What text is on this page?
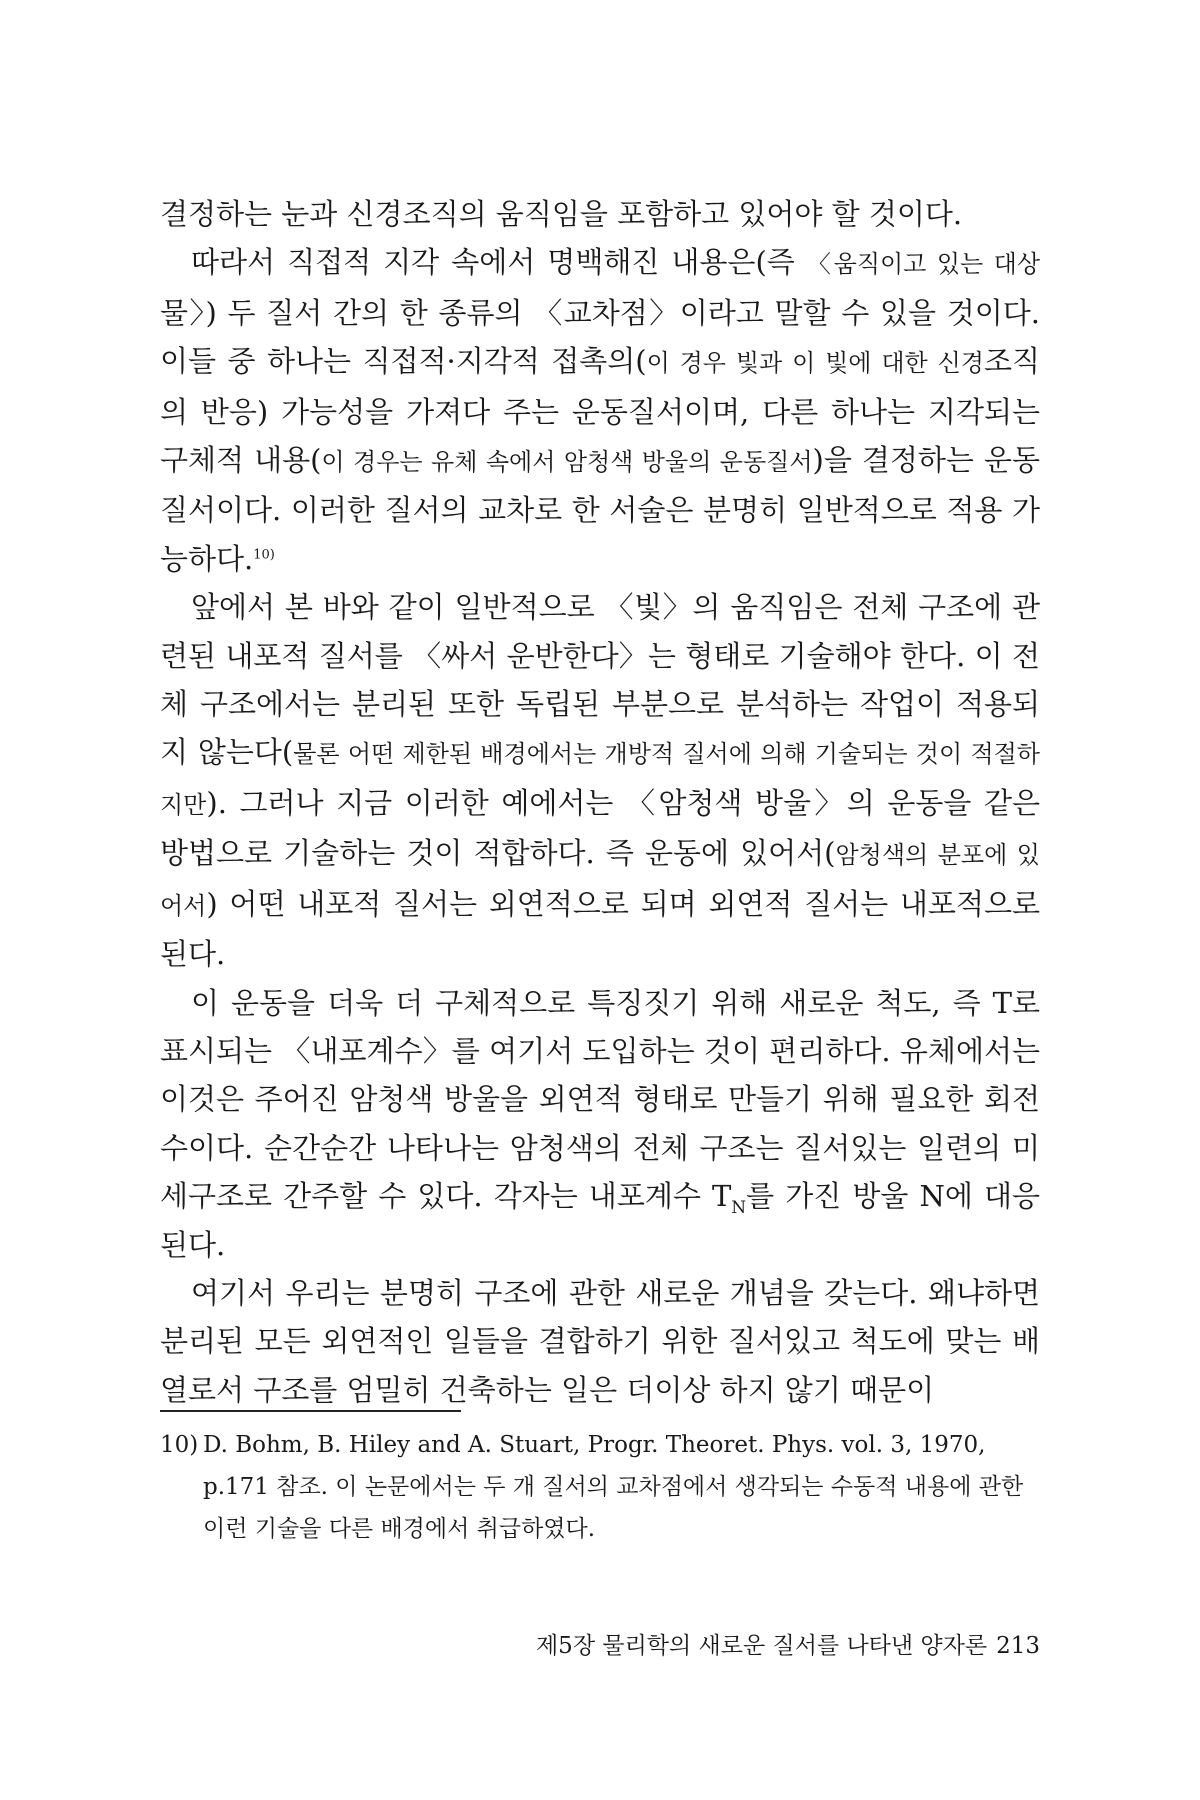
결정하는 눈과 신경조직의 움직임을 포함하고 있어야 할 것이다.

따라서 직접적 지각 속에서 명백해진 내용은(즉 〈움직이고 있는 대상물〉) 두 질서 간의 한 종류의 〈교차점〉이라고 말할 수 있을 것이다. 이들 중 하나는 직접적·지각적 접촉의(이 경우 빛과 이 빛에 대한 신경조직의 반응) 가능성을 가져다 주는 운동질서이며, 다른 하나는 지각되는 구체적 내용(이 경우는 유체 속에서 암청색 방울의 운동질서)을 결정하는 운동질서이다. 이러한 질서의 교차로 한 서술은 분명히 일반적으로 적용 가능하다.$^{10)}$

앞에서 본 바와 같이 일반적으로 〈빛〉의 움직임은 전체 구조에 관련된 내포적 질서를 〈싸서 운반한다〉는 형태로 기술해야 한다. 이 전체 구조에서는 분리된 또한 독립된 부분으로 분석하는 작업이 적용되지 않는다(물론 어떤 제한된 배경에서는 개방적 질서에 의해 기술되는 것이 적절하지만). 그러나 지금 이러한 예에서는 〈암청색 방울〉의 운동을 같은 방법으로 기술하는 것이 적합하다. 즉 운동에 있어서(암청색의 분포에 있어서) 어떤 내포적 질서는 외연적으로 되며 외연적 질서는 내포적으로 된다.

이 운동을 더욱 더 구체적으로 특징짓기 위해 새로운 척도, 즉 T로 표시되는 〈내포계수〉를 여기서 도입하는 것이 편리하다. 유체에서는 이것은 주어진 암청색 방울을 외연적 형태로 만들기 위해 필요한 회전수이다. 순간순간 나타나는 암청색의 전체 구조는 질서있는 일련의 미세구조로 간주할 수 있다. 각자는 내포계수 $T_N$를 가진 방울 N에 대응된다.

여기서 우리는 분명히 구조에 관한 새로운 개념을 갖는다. 왜냐하면 분리된 모든 외연적인 일들을 결합하기 위한 질서있고 척도에 맞는 배열로서 구조를 엄밀히 건축하는 일은 더이상 하지 않기 때문이

10) D. Bohm, B. Hiley and A. Stuart, Progr. Theoret. Phys. vol. 3, 1970, p.171 참조. 이 논문에서는 두 개 질서의 교차점에서 생각되는 수동적 내용에 관한 이런 기술을 다른 배경에서 취급하였다.

제5장 물리학의 새로운 질서를 나타낸 양자론 213
